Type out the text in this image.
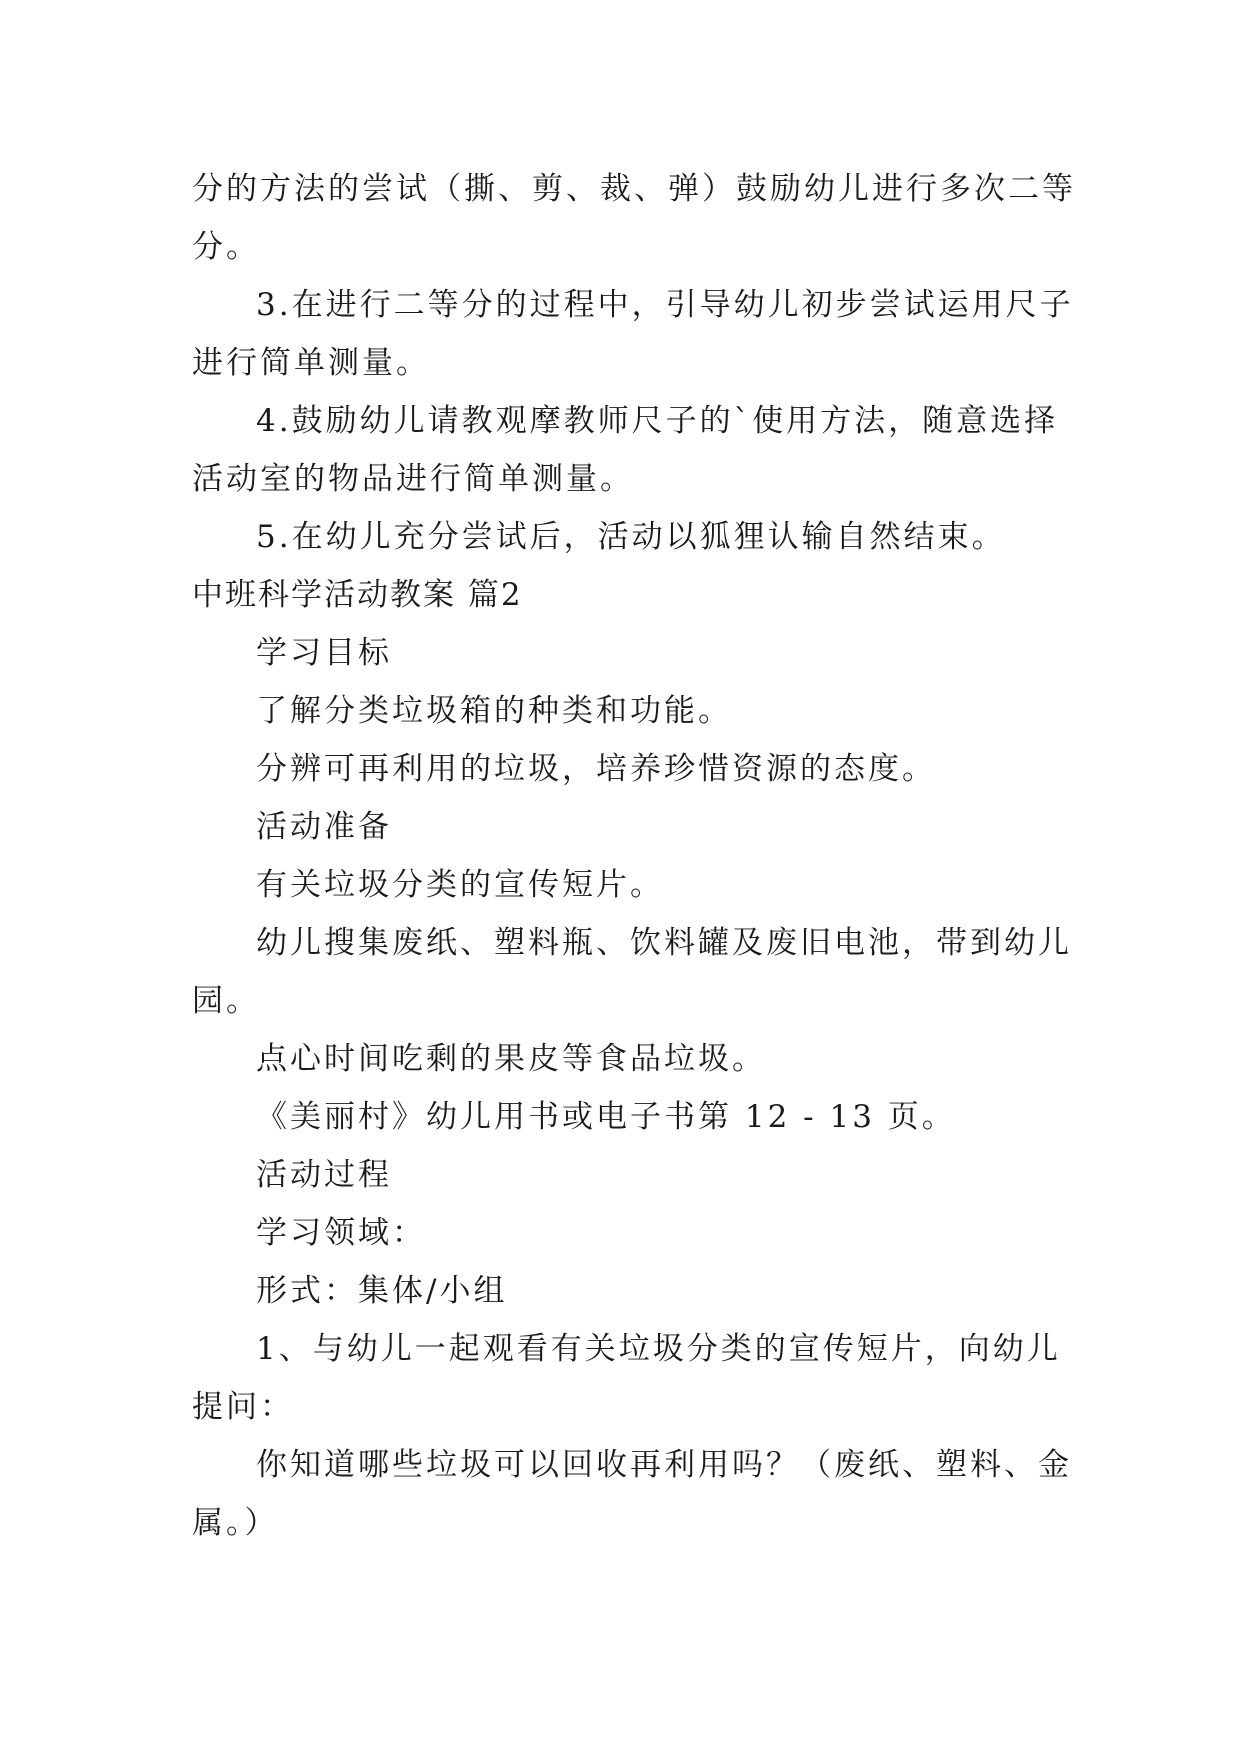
分的方法的尝试（撕、剪、裁、弹）鼓励幼儿进行多次二等
分。
3.在进行二等分的过程中，引导幼儿初步尝试运用尺子
进行简单测量。
4.鼓励幼儿请教观摩教师尺子的`使用方法，随意选择
活动室的物品进行简单测量。
5.在幼儿充分尝试后，活动以狐狸认输自然结束。
中班科学活动教案 篇2
学习目标
了解分类垃圾箱的种类和功能。
分辨可再利用的垃圾，培养珍惜资源的态度。
活动准备
有关垃圾分类的宣传短片。
幼儿搜集废纸、塑料瓶、饮料罐及废旧电池，带到幼儿
园。
点心时间吃剩的果皮等食品垃圾。
《美丽村》幼儿用书或电子书第 12 - 13 页。
活动过程
学习领域：
形式：集体/小组
1、与幼儿一起观看有关垃圾分类的宣传短片，向幼儿
提问：
你知道哪些垃圾可以回收再利用吗？（废纸、塑料、金
属。）
